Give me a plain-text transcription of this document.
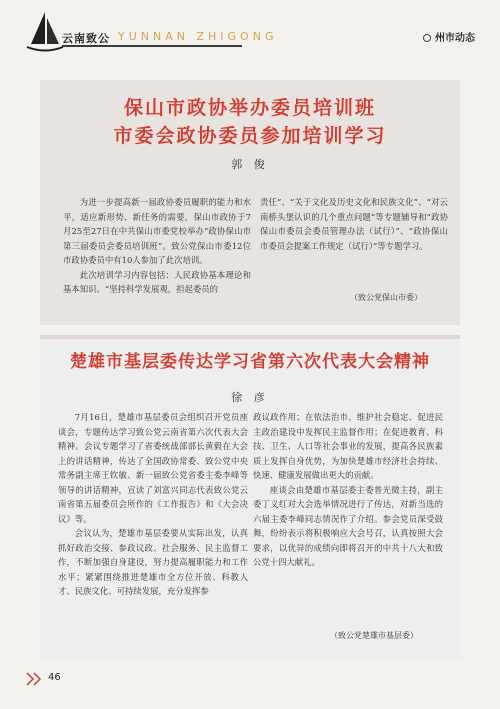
云南致公 YUNNAN ZHIGONG	州市动态
保山市政协举办委员培训班
市委会政协委员参加培训学习
郭 俊

为进一步提高新一届政协委员履职的能力和水平，适应新形势、新任务的需要，保山市政协于7月25至27日在中共保山市委党校举办“政协保山市第三届委员会委员培训班”。致公党保山市委12位市政协委员中有10人参加了此次培训。

此次培训学习内容包括：人民政协基本理论和基本知识、“坚持科学发展观，担起委员的

责任”、“关于文化及历史文化和民族文化”、“对云南桥头堡认识的几个重点问题”等专题辅导和“政协保山市委员会委员管理办法（试行）”、“政协保山市委员会提案工作规定（试行）”等专题学习。

（致公党保山市委）
楚雄市基层委传达学习省第六次代表大会精神
徐 彦

7月16日，楚雄市基层委员会组织召开党员座谈会，专题传达学习致公党云南省第六次代表大会精神。会议专题学习了省委统战部部长黄毅在大会上的讲话精神，传达了全国政协常委、致公党中央常务副主席王钦敏、新一届致公党省委主委李峰等领导的讲话精神，宣读了刘富兴同志代表致公党云南省第五届委员会所作的《工作报告》和《大会决议》等。

会议认为，楚雄市基层委要从实际出发，认真抓好政治交接、参政议政、社会服务、民主监督工作，不断加强自身建设，努力提高履职能力和工作水平；紧紧围绕推进楚雄市全方位开放、科教人才、民族文化、可持续发展，充分发挥参

政议政作用；在依法治市、维护社会稳定、促进民主政治建设中发挥民主监督作用；在促进教育、科技、卫生、人口等社会事业的发展，提高各民族素质上发挥自身优势，为加快楚雄市经济社会持续、快速、健康发展做出更大的贡献。

座谈会由楚雄市基层委主委普光微主持，副主委丁义红对大会选举情况进行了传达，对新当选的六届主委李峰同志情况作了介绍。参会党员深受鼓舞，纷纷表示将积极响应大会号召，认真按照大会要求，以优异的成绩向即将召开的中共十八大和致公党十四大献礼。

（致公党楚雄市基层委）
46
